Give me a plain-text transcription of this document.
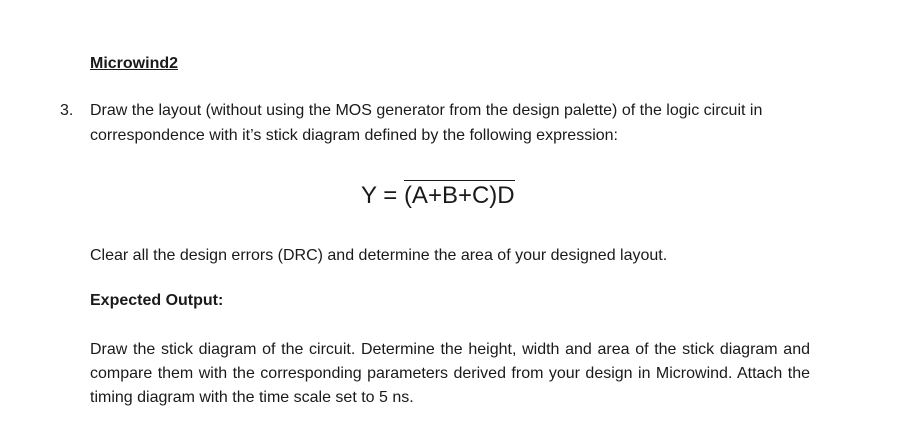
Microwind2
3. Draw the layout (without using the MOS generator from the design palette) of the logic circuit in correspondence with it’s stick diagram defined by the following expression:
Y = (A+B+C)D
Clear all the design errors (DRC) and determine the area of your designed layout.
Expected Output:
Draw the stick diagram of the circuit. Determine the height, width and area of the stick diagram and compare them with the corresponding parameters derived from your design in Microwind. Attach the timing diagram with the time scale set to 5 ns.
